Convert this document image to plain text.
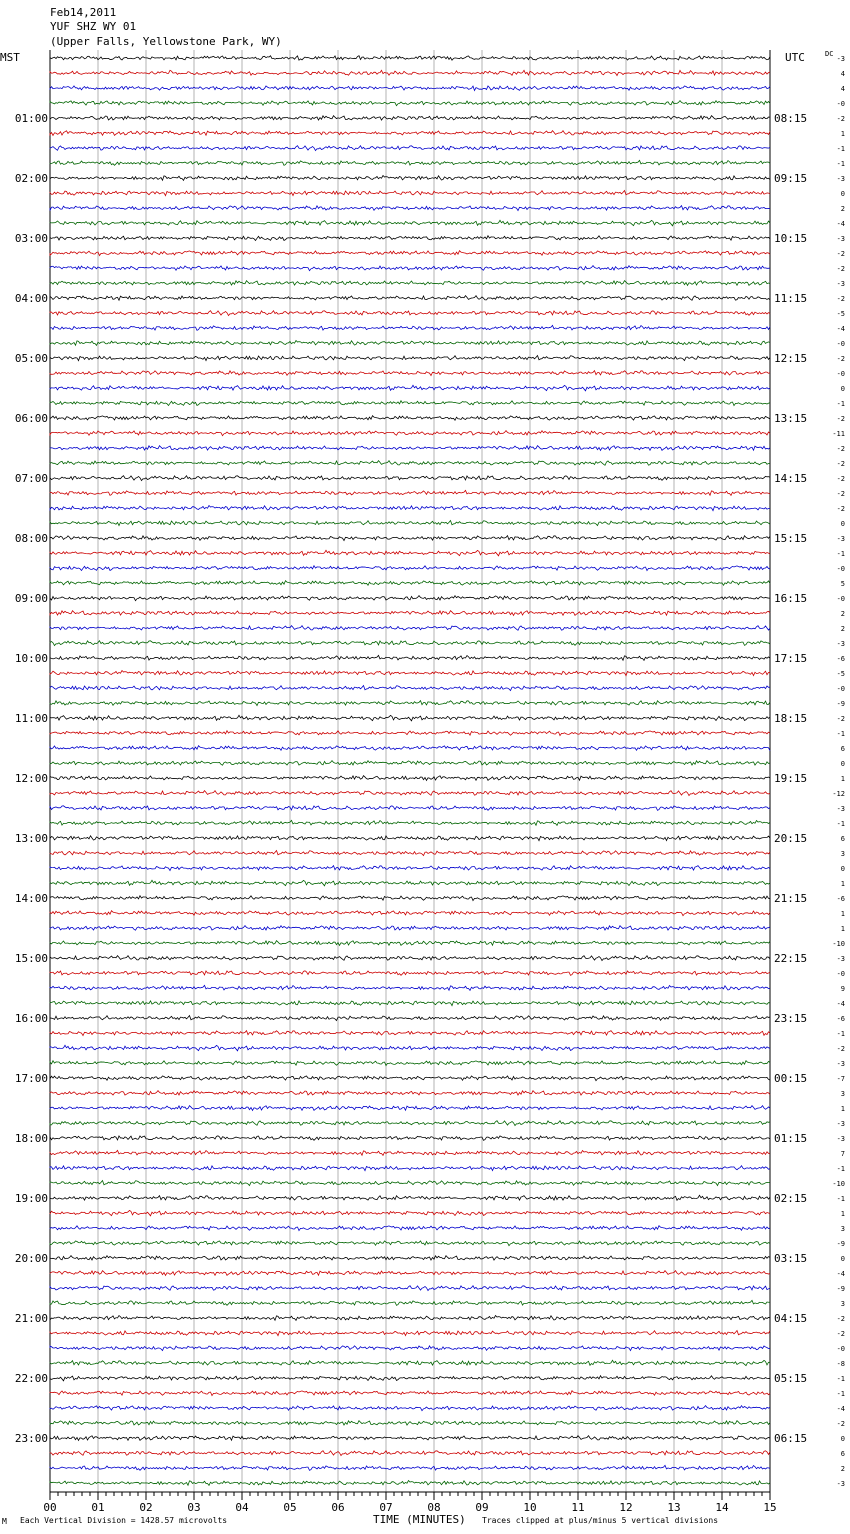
Feb14,2011
YUF SHZ WY 01
(Upper Falls, Yellowstone Park, WY)
MST	UTC	DC
01:00
02:00
03:00
04:00
05:00
06:00
07:00
08:00
09:00
10:00
11:00
12:00
13:00
14:00
15:00
16:00
17:00
18:00
19:00
20:00
21:00
22:00
23:00
08:15
09:15
10:15
11:15
12:15
13:15
14:15
15:15
16:15
17:15
18:15
19:15
20:15
21:15
22:15
23:15
00:15
01:15
02:15
03:15
04:15
05:15
06:15
-3
4
4
-0
-2
1
-1
-1
-3
0
2
-4
-3
-2
-2
-3
-2
-5
-4
-0
-2
-0
0
-1
-2
-11
-2
-2
-2
-2
-2
0
-3
-1
-0
5
-0
2
2
-3
-6
-5
-0
-9
-2
-1
6
0
1
-12
-3
-1
6
3
0
1
-6
1
1
-10
-3
-0
9
-4
-6
-1
-2
-3
-7
3
1
-3
-3
7
-1
-10
-1
1
3
-9
0
-4
-9
3
-2
-2
-0
-8
-1
-1
-4
-2
0
6
2
-3
00	01	02	03	04	05	06	07	08	09	10	11	12	13	14	15
M Each Vertical Division = 1428.57 microvolts	TIME (MINUTES) Traces clipped at plus/minus 5 vertical divisions
